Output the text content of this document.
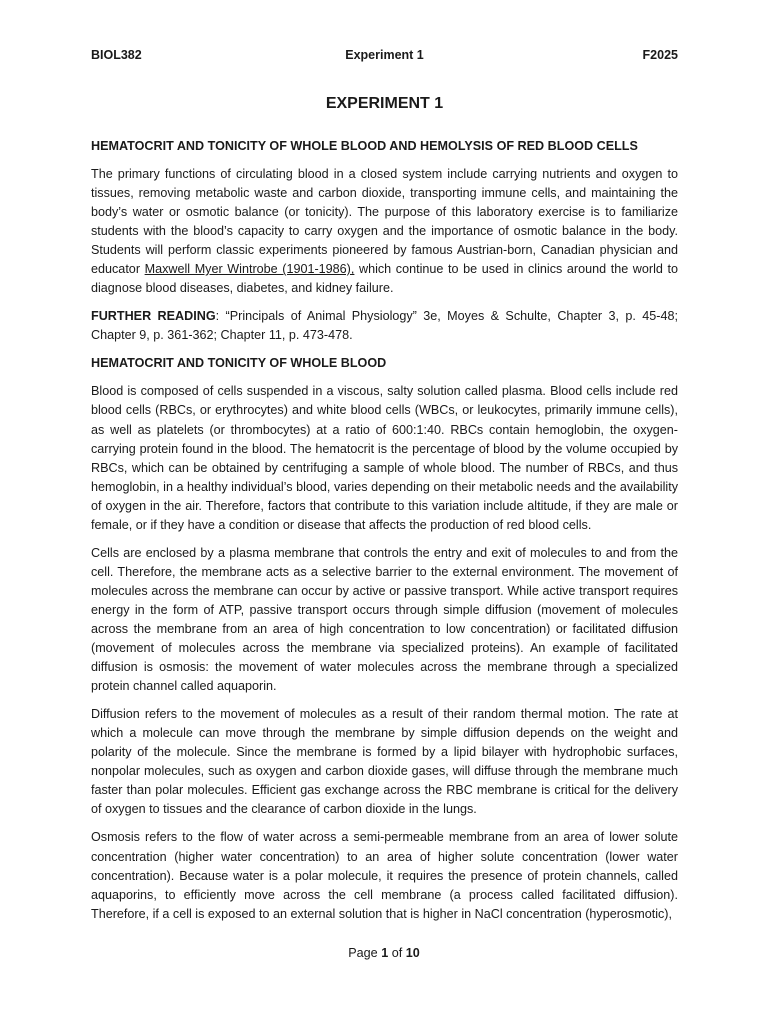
BIOL382	Experiment 1	F2025
EXPERIMENT 1
HEMATOCRIT AND TONICITY OF WHOLE BLOOD AND HEMOLYSIS OF RED BLOOD CELLS

The primary functions of circulating blood in a closed system include carrying nutrients and oxygen to tissues, removing metabolic waste and carbon dioxide, transporting immune cells, and maintaining the body’s water or osmotic balance (or tonicity). The purpose of this laboratory exercise is to familiarize students with the blood’s capacity to carry oxygen and the importance of osmotic balance in the body. Students will perform classic experiments pioneered by famous Austrian-born, Canadian physician and educator Maxwell Myer Wintrobe (1901-1986), which continue to be used in clinics around the world to diagnose blood diseases, diabetes, and kidney failure.

FURTHER READING: “Principals of Animal Physiology” 3e, Moyes & Schulte, Chapter 3, p. 45-48; Chapter 9, p. 361-362; Chapter 11, p. 473-478.

HEMATOCRIT AND TONICITY OF WHOLE BLOOD

Blood is composed of cells suspended in a viscous, salty solution called plasma. Blood cells include red blood cells (RBCs, or erythrocytes) and white blood cells (WBCs, or leukocytes, primarily immune cells), as well as platelets (or thrombocytes) at a ratio of 600:1:40. RBCs contain hemoglobin, the oxygen-carrying protein found in the blood. The hematocrit is the percentage of blood by the volume occupied by RBCs, which can be obtained by centrifuging a sample of whole blood. The number of RBCs, and thus hemoglobin, in a healthy individual’s blood, varies depending on their metabolic needs and the availability of oxygen in the air. Therefore, factors that contribute to this variation include altitude, if they are male or female, or if they have a condition or disease that affects the production of red blood cells.

Cells are enclosed by a plasma membrane that controls the entry and exit of molecules to and from the cell. Therefore, the membrane acts as a selective barrier to the external environment. The movement of molecules across the membrane can occur by active or passive transport. While active transport requires energy in the form of ATP, passive transport occurs through simple diffusion (movement of molecules across the membrane from an area of high concentration to low concentration) or facilitated diffusion (movement of molecules across the membrane via specialized proteins). An example of facilitated diffusion is osmosis: the movement of water molecules across the membrane through a specialized protein channel called aquaporin.

Diffusion refers to the movement of molecules as a result of their random thermal motion. The rate at which a molecule can move through the membrane by simple diffusion depends on the weight and polarity of the molecule. Since the membrane is formed by a lipid bilayer with hydrophobic surfaces, nonpolar molecules, such as oxygen and carbon dioxide gases, will diffuse through the membrane much faster than polar molecules. Efficient gas exchange across the RBC membrane is critical for the delivery of oxygen to tissues and the clearance of carbon dioxide in the lungs.

Osmosis refers to the flow of water across a semi-permeable membrane from an area of lower solute concentration (higher water concentration) to an area of higher solute concentration (lower water concentration). Because water is a polar molecule, it requires the presence of protein channels, called aquaporins, to efficiently move across the cell membrane (a process called facilitated diffusion). Therefore, if a cell is exposed to an external solution that is higher in NaCl concentration (hyperosmotic),

Page 1 of 10
